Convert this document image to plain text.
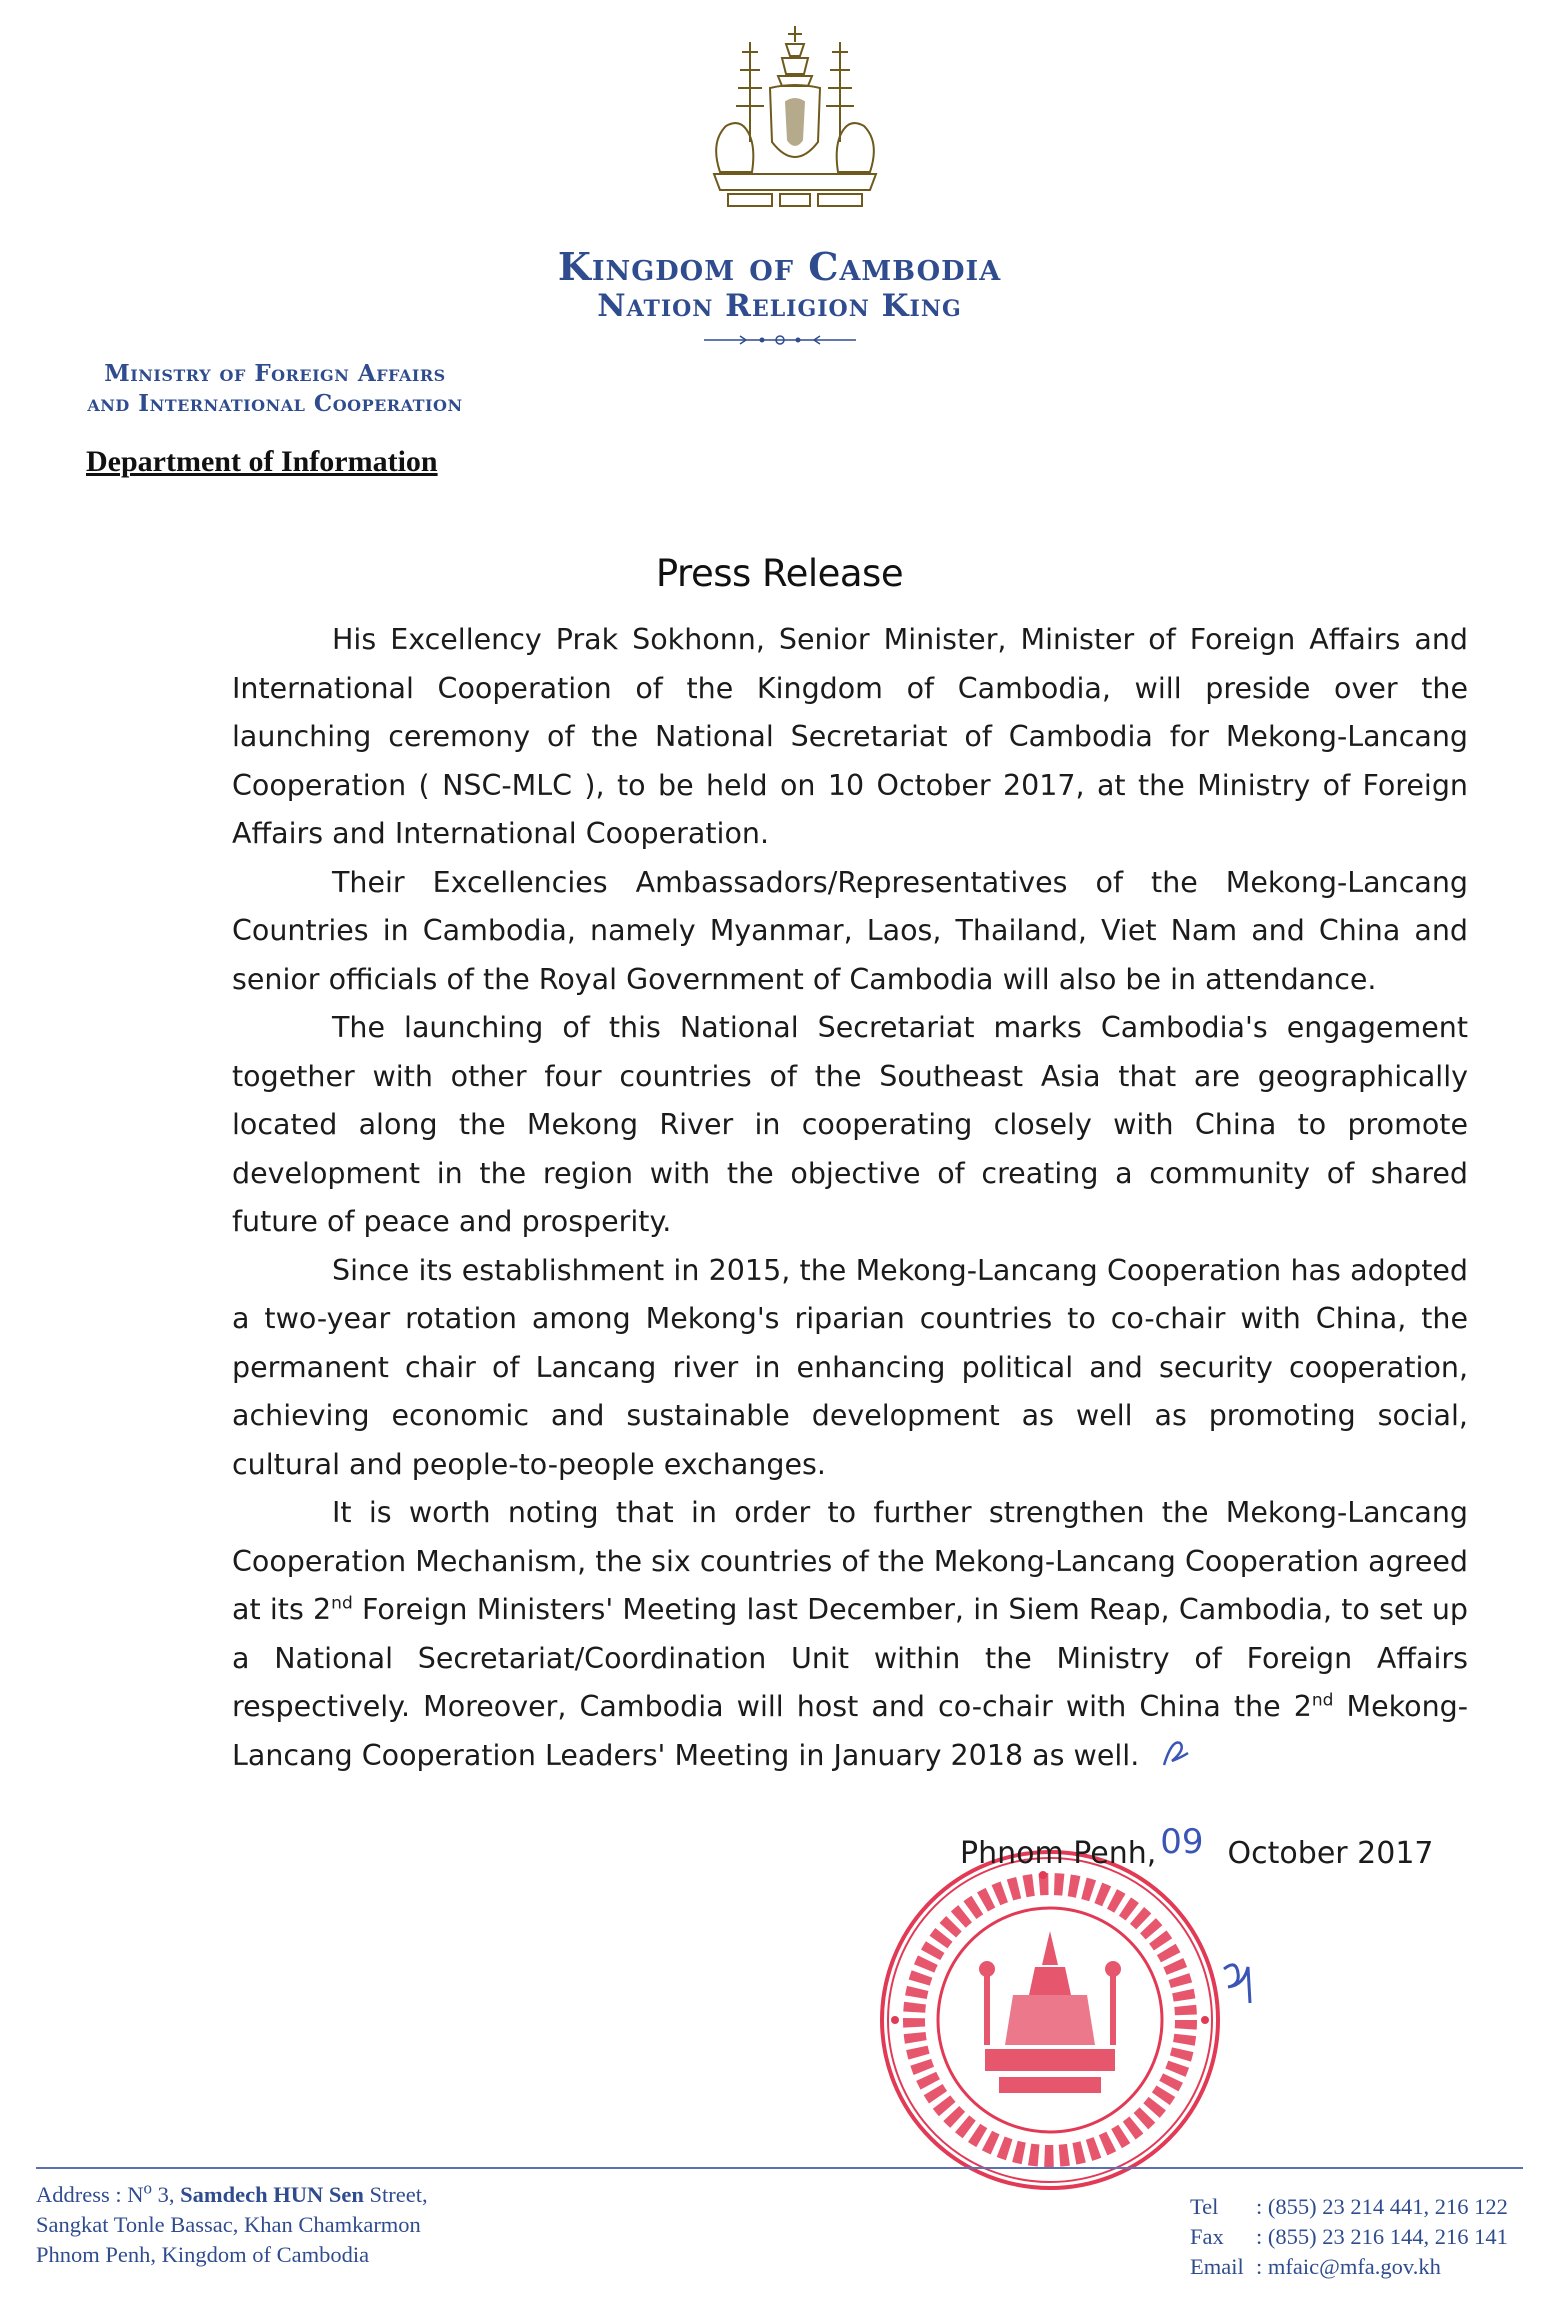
Kingdom of Cambodia
Nation Religion King
Ministry of Foreign Affairs
and International Cooperation
Department of Information
Press Release

His Excellency Prak Sokhonn, Senior Minister, Minister of Foreign Affairs and International Cooperation of the Kingdom of Cambodia, will preside over the launching ceremony of the National Secretariat of Cambodia for Mekong-Lancang Cooperation ( NSC-MLC ), to be held on 10 October 2017, at the Ministry of Foreign Affairs and International Cooperation.

Their Excellencies Ambassadors/Representatives of the Mekong-Lancang Countries in Cambodia, namely Myanmar, Laos, Thailand, Viet Nam and China and senior officials of the Royal Government of Cambodia will also be in attendance.

The launching of this National Secretariat marks Cambodia's engagement together with other four countries of the Southeast Asia that are geographically located along the Mekong River in cooperating closely with China to promote development in the region with the objective of creating a community of shared future of peace and prosperity.

Since its establishment in 2015, the Mekong-Lancang Cooperation has adopted a two-year rotation among Mekong's riparian countries to co-chair with China, the permanent chair of Lancang river in enhancing political and security cooperation, achieving economic and sustainable development as well as promoting social, cultural and people-to-people exchanges.

It is worth noting that in order to further strengthen the Mekong-Lancang Cooperation Mechanism, the six countries of the Mekong-Lancang Cooperation agreed at its 2nd Foreign Ministers' Meeting last December, in Siem Reap, Cambodia, to set up a National Secretariat/Coordination Unit within the Ministry of Foreign Affairs respectively. Moreover, Cambodia will host and co-chair with China the 2nd Mekong-Lancang Cooperation Leaders' Meeting in January 2018 as well.

Phnom Penh, 09 October 2017
Address : $N^o$ 3, Samdech HUN Sen Street,
Sangkat Tonle Bassac, Khan Chamkarmon
Phnom Penh, Kingdom of Cambodia
Tel	: (855) 23 214 441, 216 122
Fax	: (855) 23 216 144, 216 141
Email : mfaic@mfa.gov.kh
